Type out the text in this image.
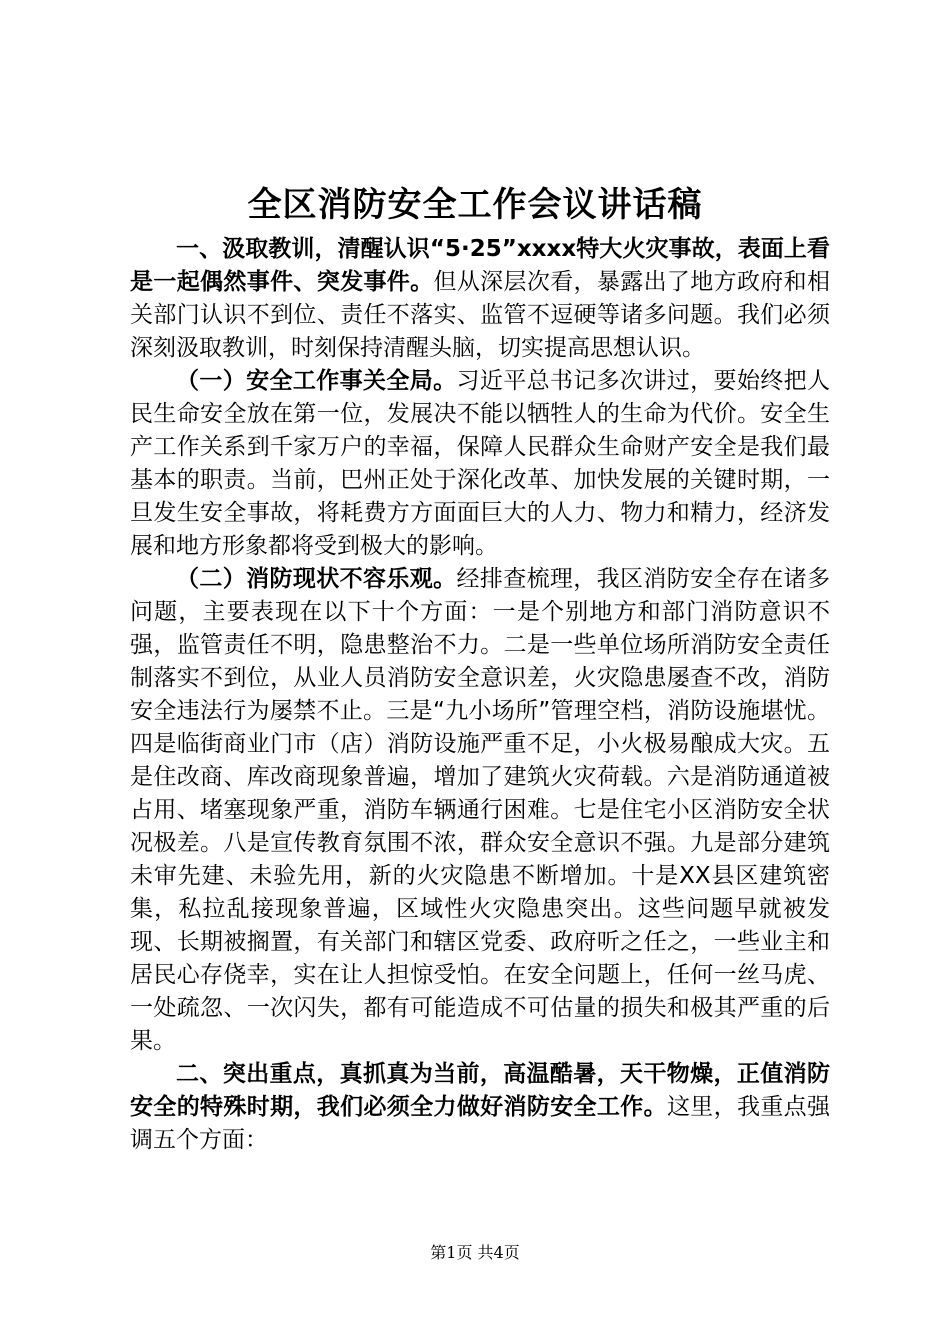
全区消防安全工作会议讲话稿

一、汲取教训，清醒认识“5·25”xxxx特大火灾事故，表面上看是一起偶然事件、突发事件。但从深层次看，暴露出了地方政府和相关部门认识不到位、责任不落实、监管不逗硬等诸多问题。我们必须深刻汲取教训，时刻保持清醒头脑，切实提高思想认识。

（一）安全工作事关全局。习近平总书记多次讲过，要始终把人民生命安全放在第一位，发展决不能以牺牲人的生命为代价。安全生产工作关系到千家万户的幸福，保障人民群众生命财产安全是我们最基本的职责。当前，巴州正处于深化改革、加快发展的关键时期，一旦发生安全事故，将耗费方方面面巨大的人力、物力和精力，经济发展和地方形象都将受到极大的影响。

（二）消防现状不容乐观。经排查梳理，我区消防安全存在诸多问题，主要表现在以下十个方面：一是个别地方和部门消防意识不强，监管责任不明，隐患整治不力。二是一些单位场所消防安全责任制落实不到位，从业人员消防安全意识差，火灾隐患屡查不改，消防安全违法行为屡禁不止。三是“九小场所”管理空档，消防设施堪忧。四是临街商业门市（店）消防设施严重不足，小火极易酿成大灾。五是住改商、库改商现象普遍，增加了建筑火灾荷载。六是消防通道被占用、堵塞现象严重，消防车辆通行困难。七是住宅小区消防安全状况极差。八是宣传教育氛围不浓，群众安全意识不强。九是部分建筑未审先建、未验先用，新的火灾隐患不断增加。十是XX县区建筑密集，私拉乱接现象普遍，区域性火灾隐患突出。这些问题早就被发现、长期被搁置，有关部门和辖区党委、政府听之任之，一些业主和居民心存侥幸，实在让人担惊受怕。在安全问题上，任何一丝马虎、一处疏忽、一次闪失，都有可能造成不可估量的损失和极其严重的后果。

二、突出重点，真抓真为当前，高温酷暑，天干物燥，正值消防安全的特殊时期，我们必须全力做好消防安全工作。这里，我重点强调五个方面：

第1页 共4页
